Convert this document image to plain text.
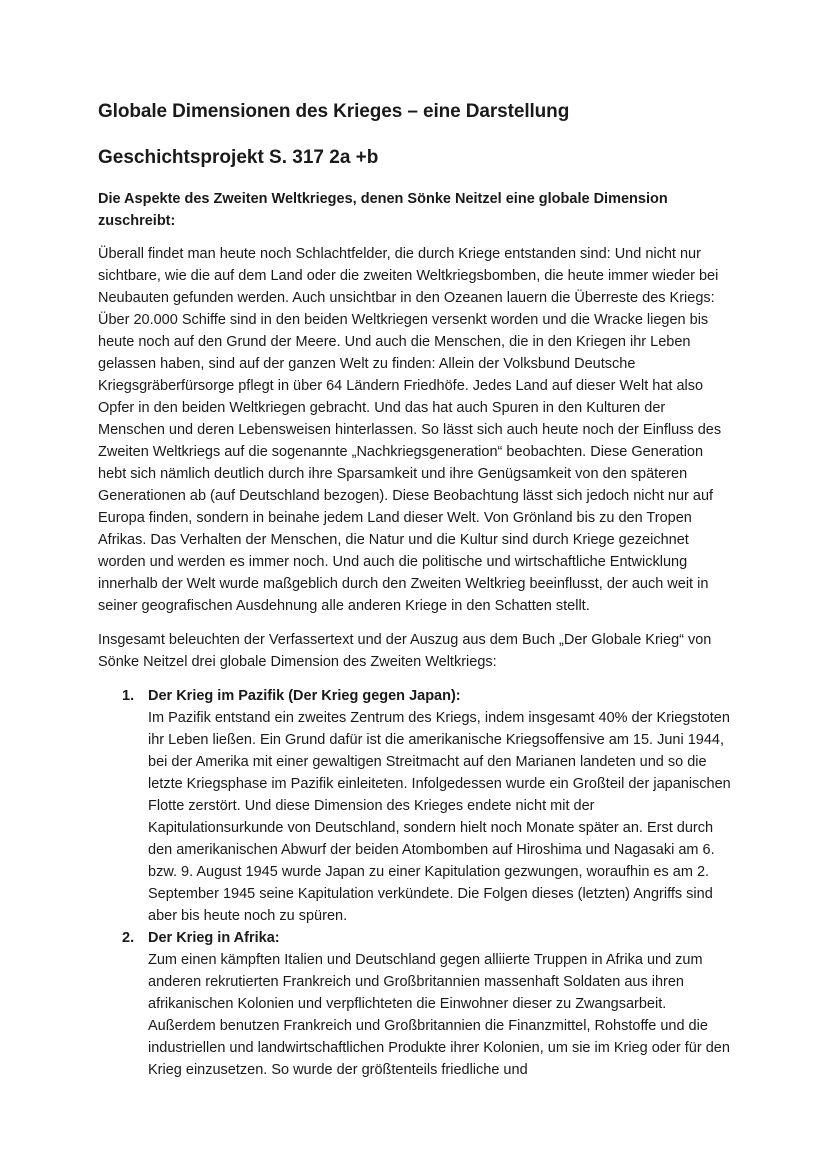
Globale Dimensionen des Krieges – eine Darstellung
Geschichtsprojekt S. 317 2a +b
Die Aspekte des Zweiten Weltkrieges, denen Sönke Neitzel eine globale Dimension zuschreibt:

Überall findet man heute noch Schlachtfelder, die durch Kriege entstanden sind: Und nicht nur sichtbare, wie die auf dem Land oder die zweiten Weltkriegsbomben, die heute immer wieder bei Neubauten gefunden werden. Auch unsichtbar in den Ozeanen lauern die Überreste des Kriegs: Über 20.000 Schiffe sind in den beiden Weltkriegen versenkt worden und die Wracke liegen bis heute noch auf den Grund der Meere. Und auch die Menschen, die in den Kriegen ihr Leben gelassen haben, sind auf der ganzen Welt zu finden: Allein der Volksbund Deutsche Kriegsgräberfürsorge pflegt in über 64 Ländern Friedhöfe. Jedes Land auf dieser Welt hat also Opfer in den beiden Weltkriegen gebracht. Und das hat auch Spuren in den Kulturen der Menschen und deren Lebensweisen hinterlassen. So lässt sich auch heute noch der Einfluss des Zweiten Weltkriegs auf die sogenannte „Nachkriegsgeneration“ beobachten. Diese Generation hebt sich nämlich deutlich durch ihre Sparsamkeit und ihre Genügsamkeit von den späteren Generationen ab (auf Deutschland bezogen). Diese Beobachtung lässt sich jedoch nicht nur auf Europa finden, sondern in beinahe jedem Land dieser Welt. Von Grönland bis zu den Tropen Afrikas. Das Verhalten der Menschen, die Natur und die Kultur sind durch Kriege gezeichnet worden und werden es immer noch. Und auch die politische und wirtschaftliche Entwicklung innerhalb der Welt wurde maßgeblich durch den Zweiten Weltkrieg beeinflusst, der auch weit in seiner geografischen Ausdehnung alle anderen Kriege in den Schatten stellt.

Insgesamt beleuchten der Verfassertext und der Auszug aus dem Buch „Der Globale Krieg“ von Sönke Neitzel drei globale Dimension des Zweiten Weltkriegs:

1. Der Krieg im Pazifik (Der Krieg gegen Japan):
Im Pazifik entstand ein zweites Zentrum des Kriegs, indem insgesamt 40% der Kriegstoten ihr Leben ließen. Ein Grund dafür ist die amerikanische Kriegsoffensive am 15. Juni 1944, bei der Amerika mit einer gewaltigen Streitmacht auf den Marianen landeten und so die letzte Kriegsphase im Pazifik einleiteten. Infolgedessen wurde ein Großteil der japanischen Flotte zerstört. Und diese Dimension des Krieges endete nicht mit der Kapitulationsurkunde von Deutschland, sondern hielt noch Monate später an. Erst durch den amerikanischen Abwurf der beiden Atombomben auf Hiroshima und Nagasaki am 6. bzw. 9. August 1945 wurde Japan zu einer Kapitulation gezwungen, woraufhin es am 2. September 1945 seine Kapitulation verkündete. Die Folgen dieses (letzten) Angriffs sind aber bis heute noch zu spüren.
2. Der Krieg in Afrika:
Zum einen kämpften Italien und Deutschland gegen alliierte Truppen in Afrika und zum anderen rekrutierten Frankreich und Großbritannien massenhaft Soldaten aus ihren afrikanischen Kolonien und verpflichteten die Einwohner dieser zu Zwangsarbeit. Außerdem benutzen Frankreich und Großbritannien die Finanzmittel, Rohstoffe und die industriellen und landwirtschaftlichen Produkte ihrer Kolonien, um sie im Krieg oder für den Krieg einzusetzen. So wurde der größtenteils friedliche und
